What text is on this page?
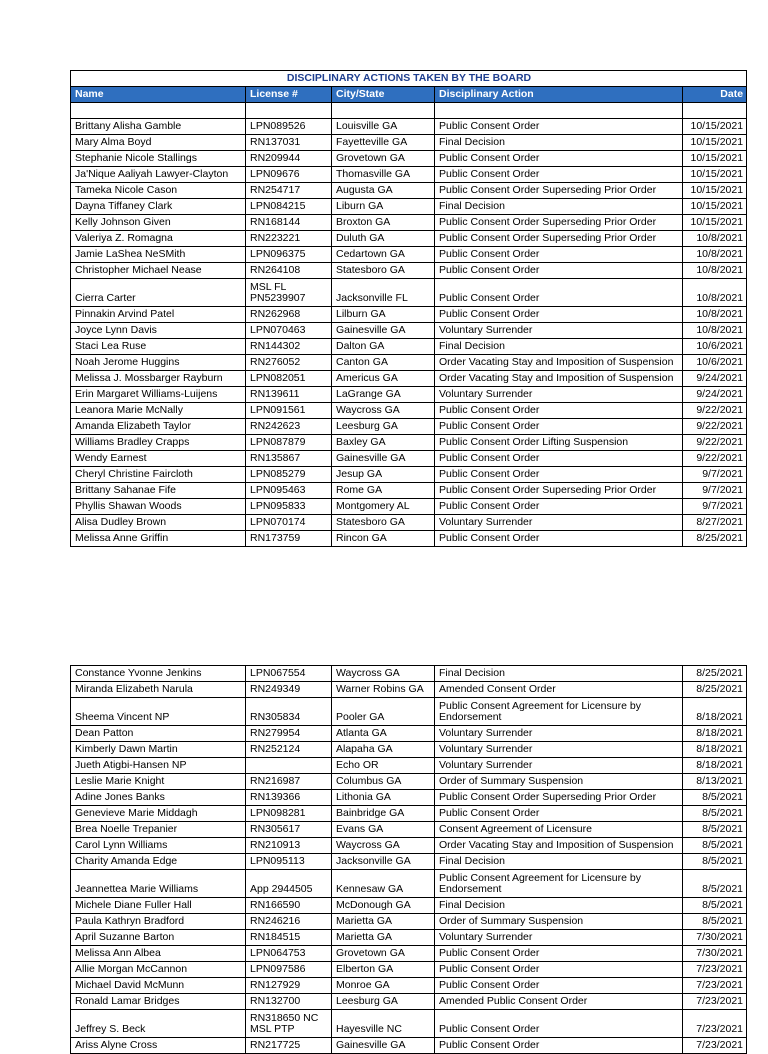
DISCIPLINARY ACTIONS TAKEN BY THE BOARD				
Name	License #	City/State	Disciplinary Action	Date

Brittany Alisha Gamble	LPN089526	Louisville GA	Public Consent Order	10/15/2021
Mary Alma Boyd	RN137031	Fayetteville GA	Final Decision	10/15/2021
Stephanie Nicole Stallings	RN209944	Grovetown GA	Public Consent Order	10/15/2021
Ja'Nique Aaliyah Lawyer-Clayton	LPN09676	Thomasville GA	Public Consent Order	10/15/2021
Tameka Nicole Cason	RN254717	Augusta GA	Public Consent Order Superseding Prior Order	10/15/2021
Dayna Tiffaney Clark	LPN084215	Liburn GA	Final Decision	10/15/2021
Kelly Johnson Given	RN168144	Broxton GA	Public Consent Order Superseding Prior Order	10/15/2021
Valeriya Z. Romagna	RN223221	Duluth GA	Public Consent Order Superseding Prior Order	10/8/2021
Jamie LaShea NeSMith	LPN096375	Cedartown GA	Public Consent Order	10/8/2021
Christopher Michael Nease	RN264108	Statesboro GA	Public Consent Order	10/8/2021
Cierra Carter	MSL FL PN5239907	Jacksonville FL	Public Consent Order	10/8/2021
Pinnakin Arvind Patel	RN262968	Lilburn GA	Public Consent Order	10/8/2021
Joyce Lynn Davis	LPN070463	Gainesville GA	Voluntary Surrender	10/8/2021
Staci Lea Ruse	RN144302	Dalton GA	Final Decision	10/6/2021
Noah Jerome Huggins	RN276052	Canton GA	Order Vacating Stay and Imposition of Suspension	10/6/2021
Melissa J. Mossbarger Rayburn	LPN082051	Americus GA	Order Vacating Stay and Imposition of Suspension	9/24/2021
Erin Margaret Williams-Luijens	RN139611	LaGrange GA	Voluntary Surrender	9/24/2021
Leanora Marie McNally	LPN091561	Waycross GA	Public Consent Order	9/22/2021
Amanda Elizabeth Taylor	RN242623	Leesburg GA	Public Consent Order	9/22/2021
Williams Bradley Crapps	LPN087879	Baxley GA	Public Consent Order Lifting Suspension	9/22/2021
Wendy Earnest	RN135867	Gainesville GA	Public Consent Order	9/22/2021
Cheryl Christine Faircloth	LPN085279	Jesup GA	Public Consent Order	9/7/2021
Brittany Sahanae Fife	LPN095463	Rome GA	Public Consent Order Superseding Prior Order	9/7/2021
Phyllis Shawan Woods	LPN095833	Montgomery AL	Public Consent Order	9/7/2021
Alisa Dudley Brown	LPN070174	Statesboro GA	Voluntary Surrender	8/27/2021
Melissa Anne Griffin	RN173759	Rincon GA	Public Consent Order	8/25/2021
Constance Yvonne Jenkins	LPN067554	Waycross GA	Final Decision	8/25/2021
Miranda Elizabeth Narula	RN249349	Warner Robins GA	Amended Consent Order	8/25/2021
Sheema Vincent NP	RN305834	Pooler GA	Public Consent Agreement for Licensure by Endorsement	8/18/2021
Dean Patton	RN279954	Atlanta GA	Voluntary Surrender	8/18/2021
Kimberly Dawn Martin	RN252124	Alapaha GA	Voluntary Surrender	8/18/2021
Jueth Atigbi-Hansen NP		Echo OR	Voluntary Surrender	8/18/2021
Leslie Marie Knight	RN216987	Columbus GA	Order of Summary Suspension	8/13/2021
Adine Jones Banks	RN139366	Lithonia GA	Public Consent Order Superseding Prior Order	8/5/2021
Genevieve Marie Middagh	LPN098281	Bainbridge GA	Public Consent Order	8/5/2021
Brea Noelle Trepanier	RN305617	Evans GA	Consent Agreement of Licensure	8/5/2021
Carol Lynn Williams	RN210913	Waycross GA	Order Vacating Stay and Imposition of Suspension	8/5/2021
Charity Amanda Edge	LPN095113	Jacksonville GA	Final Decision	8/5/2021
Jeannettea Marie Williams	App 2944505	Kennesaw GA	Public Consent Agreement for Licensure by Endorsement	8/5/2021
Michele Diane Fuller Hall	RN166590	McDonough GA	Final Decision	8/5/2021
Paula Kathryn Bradford	RN246216	Marietta GA	Order of Summary Suspension	8/5/2021
April Suzanne Barton	RN184515	Marietta GA	Voluntary Surrender	7/30/2021
Melissa Ann Albea	LPN064753	Grovetown GA	Public Consent Order	7/30/2021
Allie Morgan McCannon	LPN097586	Elberton GA	Public Consent Order	7/23/2021
Michael David McMunn	RN127929	Monroe GA	Public Consent Order	7/23/2021
Ronald Lamar Bridges	RN132700	Leesburg GA	Amended Public Consent Order	7/23/2021
Jeffrey S. Beck	RN318650 NC MSL PTP	Hayesville NC	Public Consent Order	7/23/2021
Ariss Alyne Cross	RN217725	Gainesville GA	Public Consent Order	7/23/2021
